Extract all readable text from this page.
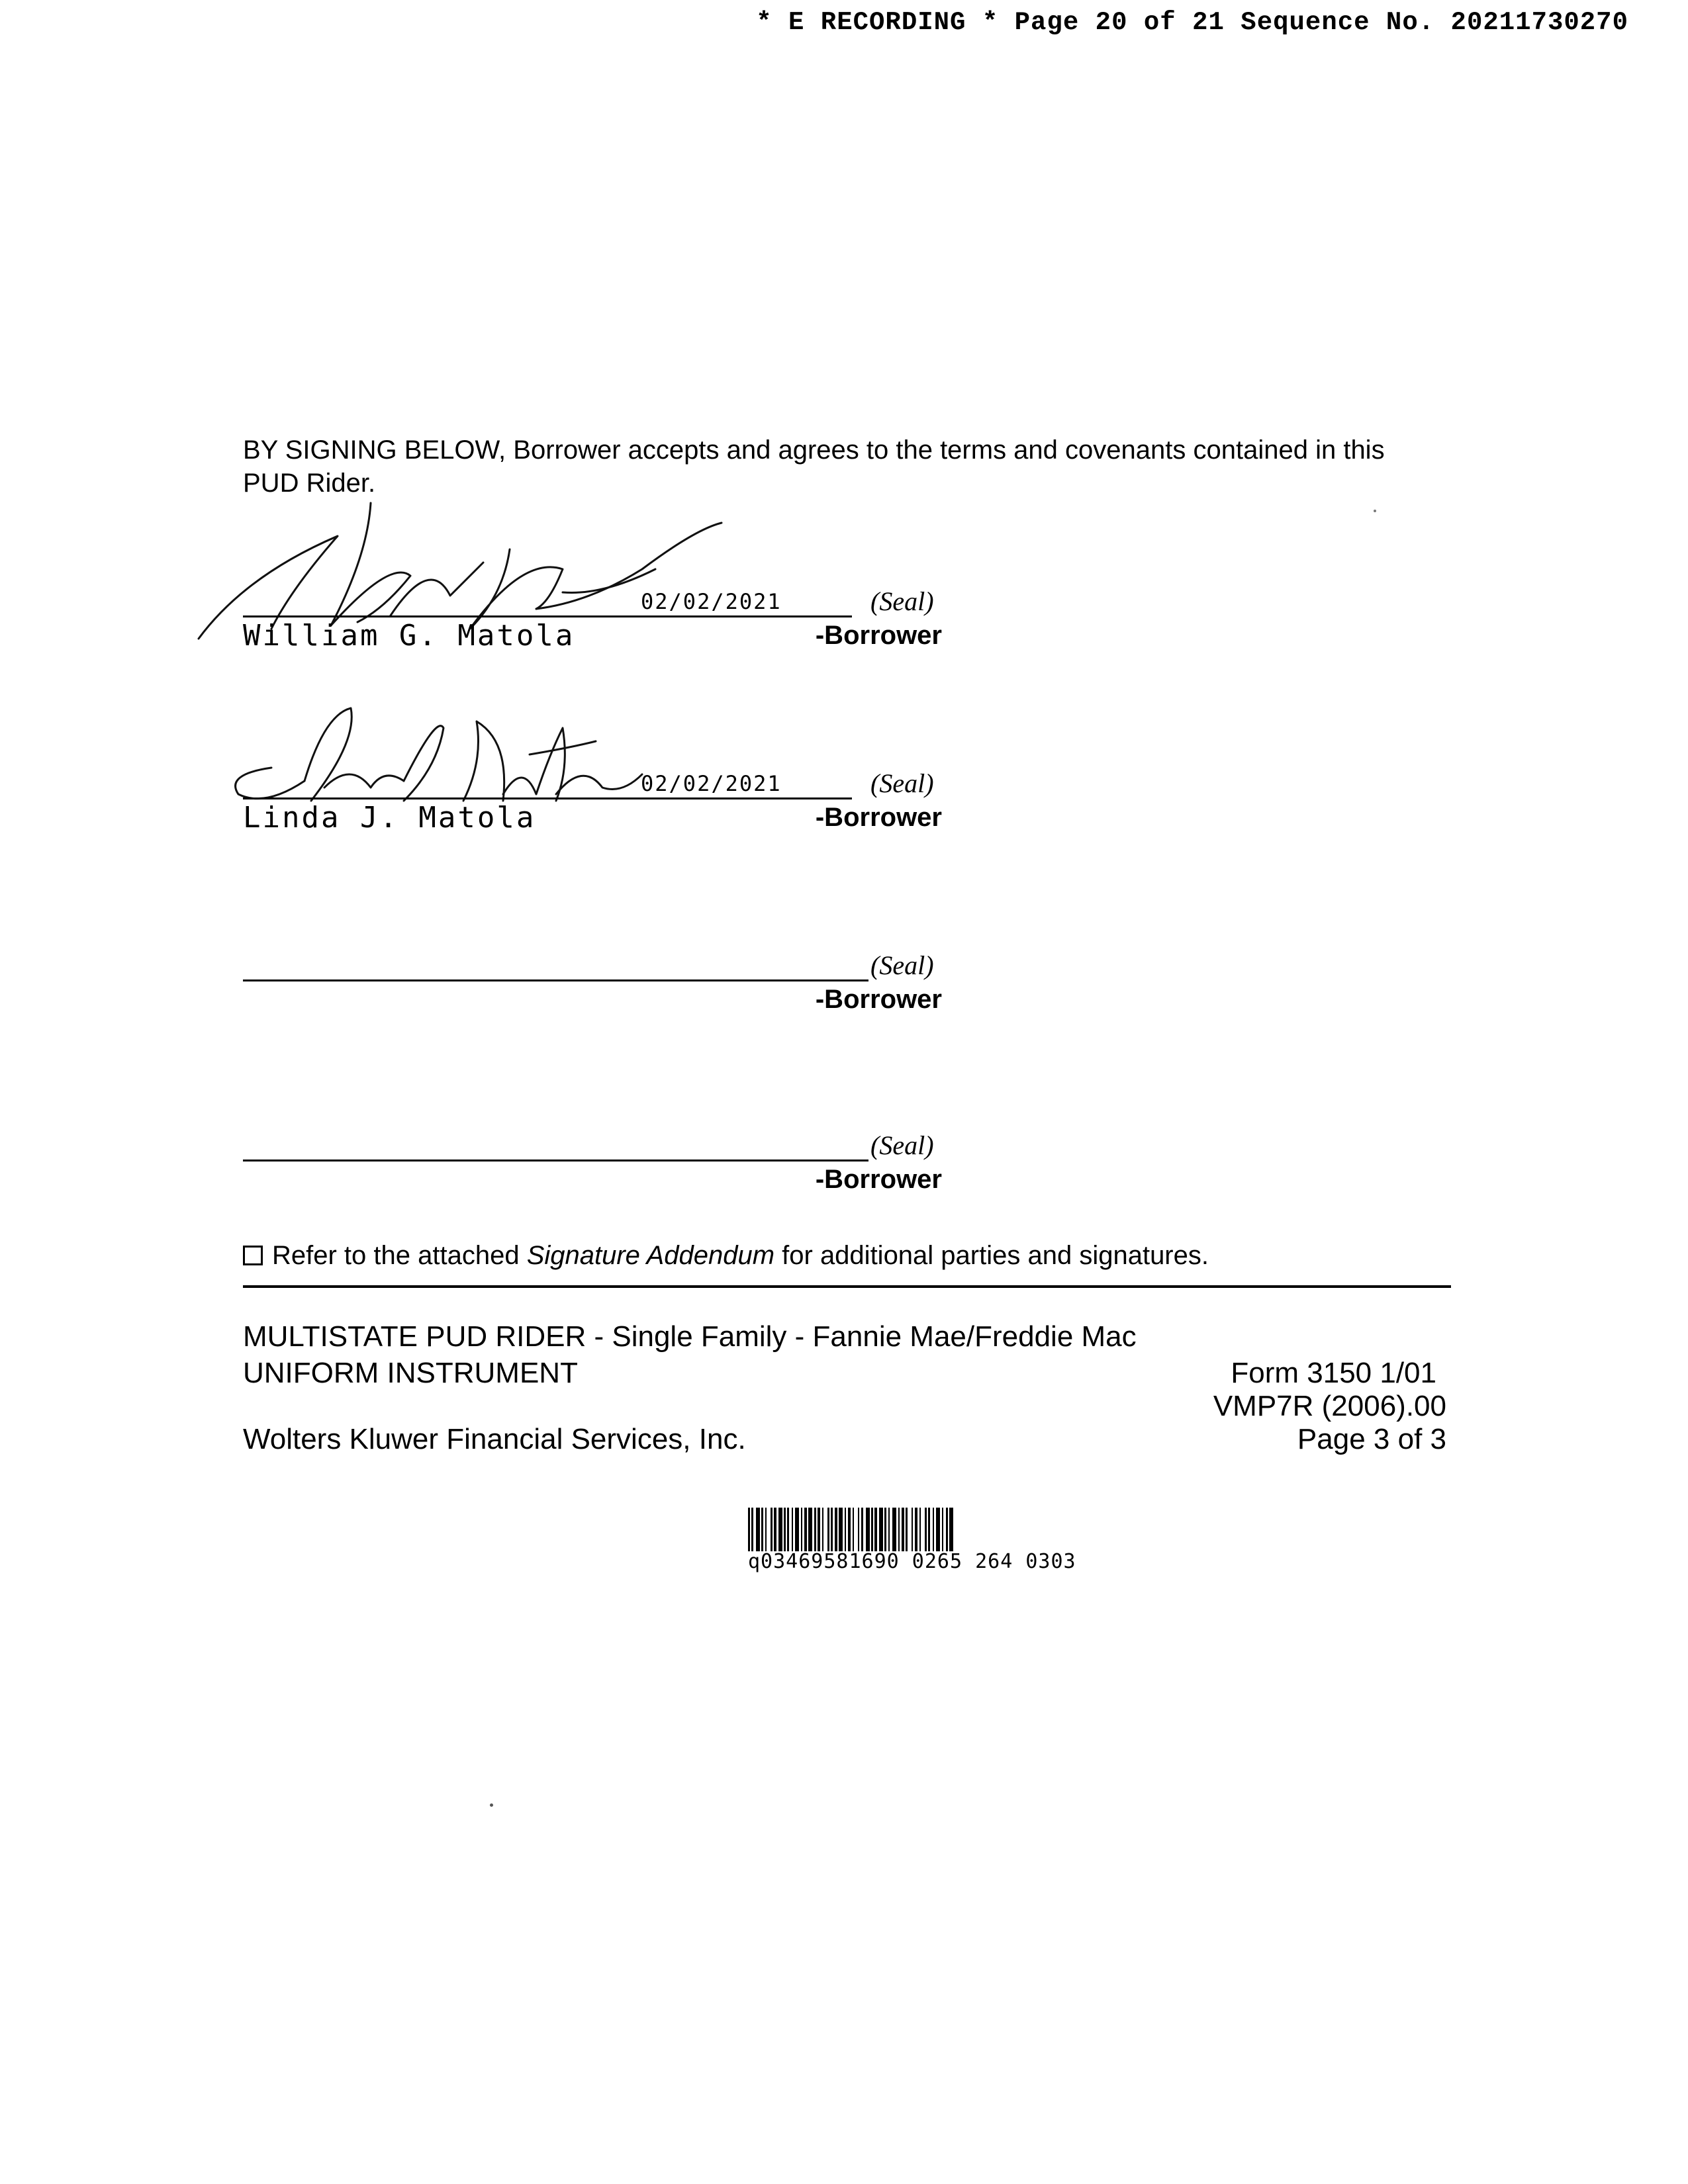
* E RECORDING * Page 20 of 21 Sequence No. 20211730270
BY SIGNING BELOW, Borrower accepts and agrees to the terms and covenants contained in this PUD Rider.
02/02/2021	(Seal)
William G. Matola	-Borrower
02/02/2021	(Seal)
Linda J. Matola	-Borrower
(Seal)
-Borrower
(Seal)
-Borrower
Refer to the attached Signature Addendum for additional parties and signatures.
MULTISTATE PUD RIDER - Single Family - Fannie Mae/Freddie Mac
UNIFORM INSTRUMENT	Form 3150 1/01
VMP7R (2006).00
Wolters Kluwer Financial Services, Inc.	Page 3 of 3
q03469581690 0265 264 0303
